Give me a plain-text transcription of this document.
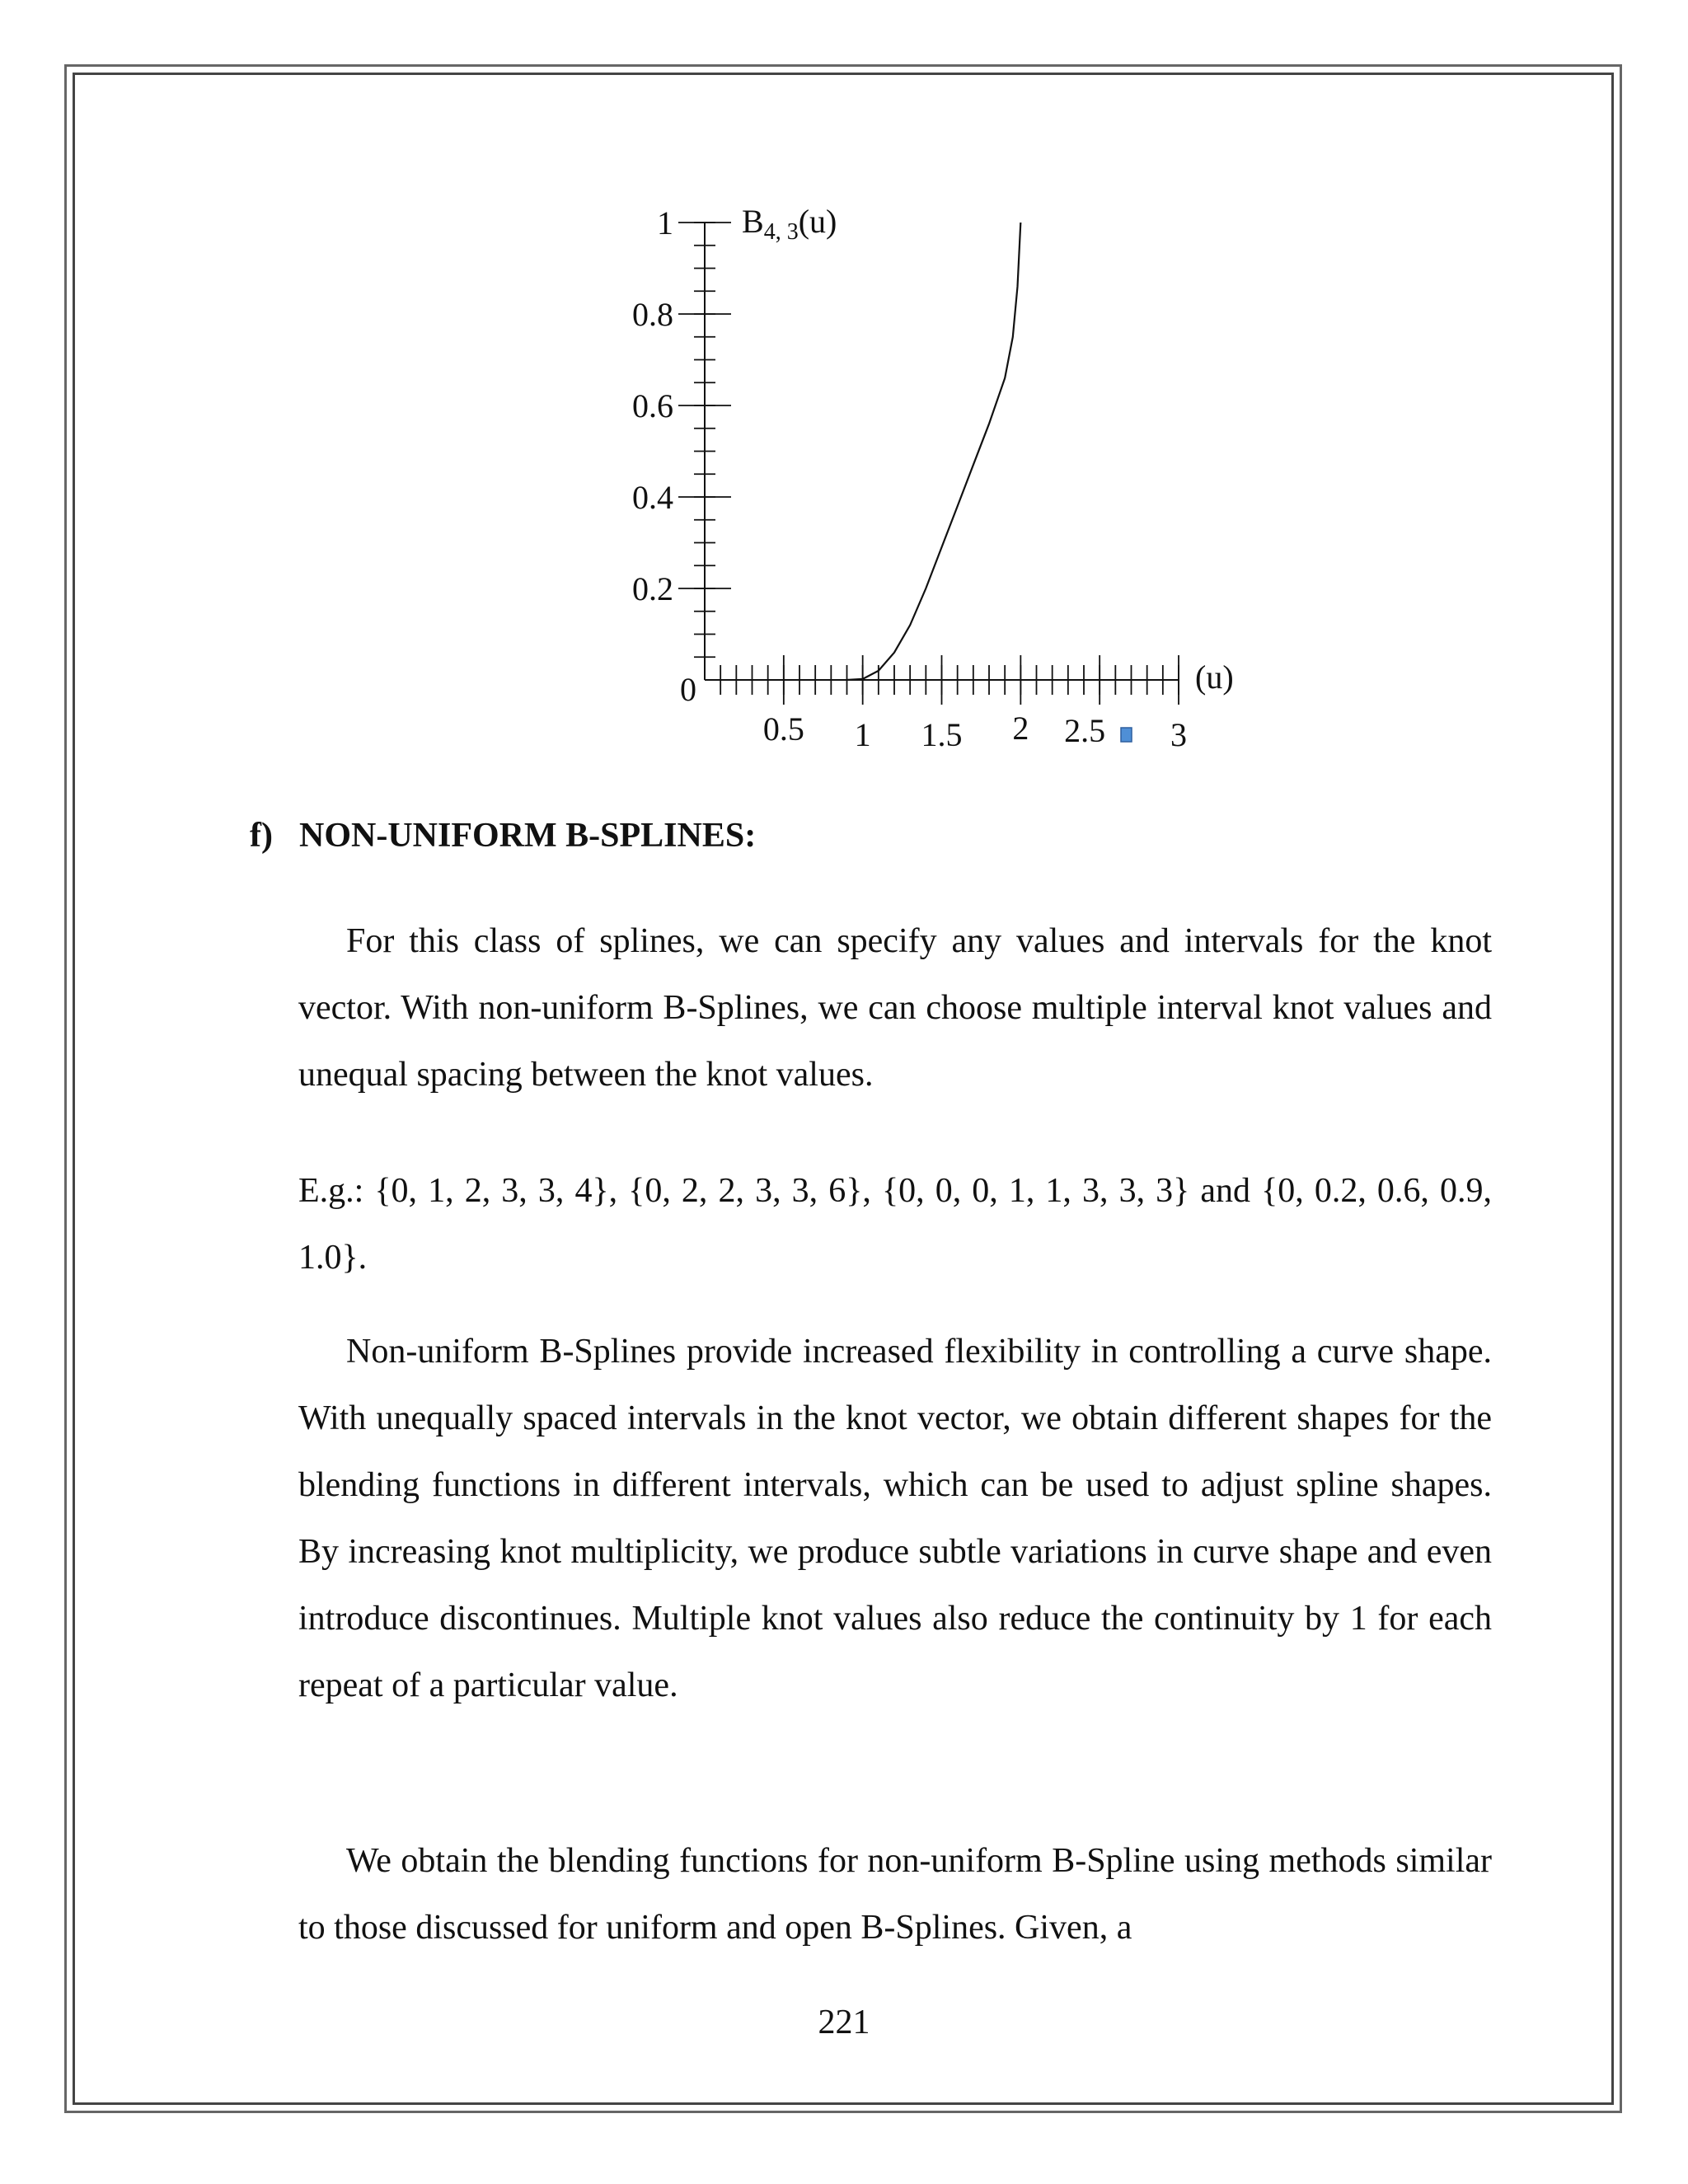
0.2
0.4
0.6
0.8
1
0.5 1 1.5 2 2.5 3
0	(u)
$B_{4, 3}(u)$
f) NON-UNIFORM B-SPLINES:

For this class of splines, we can specify any values and intervals for the knot vector. With non-uniform B-Splines, we can choose multiple interval knot values and unequal spacing between the knot values.

E.g.: {0, 1, 2, 3, 3, 4}, {0, 2, 2, 3, 3, 6}, {0, 0, 0, 1, 1, 3, 3, 3} and {0, 0.2, 0.6, 0.9, 1.0}.

Non-uniform B-Splines provide increased flexibility in controlling a curve shape. With unequally spaced intervals in the knot vector, we obtain different shapes for the blending functions in different intervals, which can be used to adjust spline shapes. By increasing knot multiplicity, we produce subtle variations in curve shape and even introduce discontinues. Multiple knot values also reduce the continuity by 1 for each repeat of a particular value.

We obtain the blending functions for non-uniform B-Spline using methods similar to those discussed for uniform and open B-Splines. Given, a

221
